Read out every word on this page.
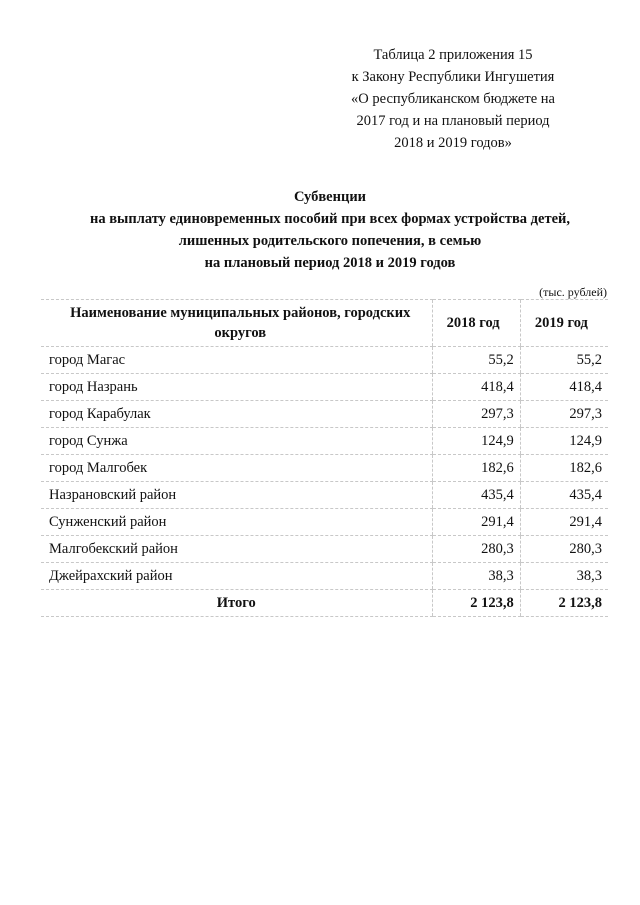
Таблица 2 приложения 15
к Закону Республики Ингушетия
«О республиканском бюджете на
2017 год и на плановый период
2018 и 2019 годов»
Субвенции
на выплату единовременных пособий при всех формах устройства детей,
лишенных родительского попечения, в семью
на плановый период 2018 и 2019 годов
(тыс. рублей)
Наименование муниципальных районов, городских округов	2018 год	2019 год
город Магас	55,2	55,2
город Назрань	418,4	418,4
город Карабулак	297,3	297,3
город Сунжа	124,9	124,9
город Малгобек	182,6	182,6
Назрановский район	435,4	435,4
Сунженский район	291,4	291,4
Малгобекский район	280,3	280,3
Джейрахский район	38,3	38,3
Итого	2 123,8	2 123,8
